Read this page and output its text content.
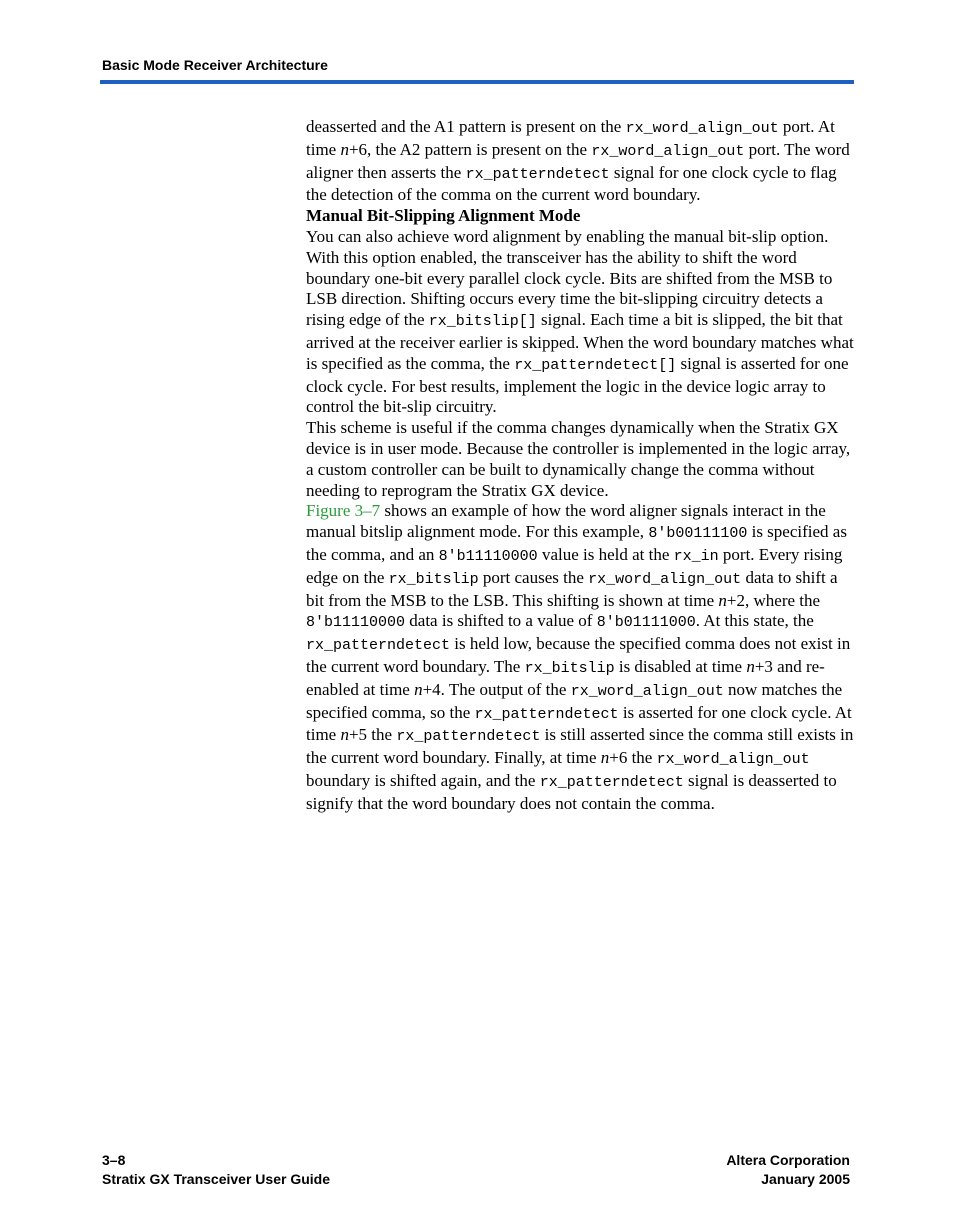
Basic Mode Receiver Architecture

deasserted and the A1 pattern is present on the rx_word_align_out port. At time n+6, the A2 pattern is present on the rx_word_align_out port. The word aligner then asserts the rx_patterndetect signal for one clock cycle to flag the detection of the comma on the current word boundary.

Manual Bit-Slipping Alignment Mode

You can also achieve word alignment by enabling the manual bit-slip option. With this option enabled, the transceiver has the ability to shift the word boundary one-bit every parallel clock cycle. Bits are shifted from the MSB to LSB direction. Shifting occurs every time the bit-slipping circuitry detects a rising edge of the rx_bitslip[] signal. Each time a bit is slipped, the bit that arrived at the receiver earlier is skipped. When the word boundary matches what is specified as the comma, the rx_patterndetect[] signal is asserted for one clock cycle. For best results, implement the logic in the device logic array to control the bit-slip circuitry.

This scheme is useful if the comma changes dynamically when the Stratix GX device is in user mode. Because the controller is implemented in the logic array, a custom controller can be built to dynamically change the comma without needing to reprogram the Stratix GX device.

Figure 3–7 shows an example of how the word aligner signals interact in the manual bitslip alignment mode. For this example, 8'b00111100 is specified as the comma, and an 8'b11110000 value is held at the rx_in port. Every rising edge on the rx_bitslip port causes the rx_word_align_out data to shift a bit from the MSB to the LSB. This shifting is shown at time n+2, where the 8'b11110000 data is shifted to a value of 8'b01111000. At this state, the rx_patterndetect is held low, because the specified comma does not exist in the current word boundary. The rx_bitslip is disabled at time n+3 and re-enabled at time n+4. The output of the rx_word_align_out now matches the specified comma, so the rx_patterndetect is asserted for one clock cycle. At time n+5 the rx_patterndetect is still asserted since the comma still exists in the current word boundary. Finally, at time n+6 the rx_word_align_out boundary is shifted again, and the rx_patterndetect signal is deasserted to signify that the word boundary does not contain the comma.

3–8
Stratix GX Transceiver User Guide
Altera Corporation
January 2005
